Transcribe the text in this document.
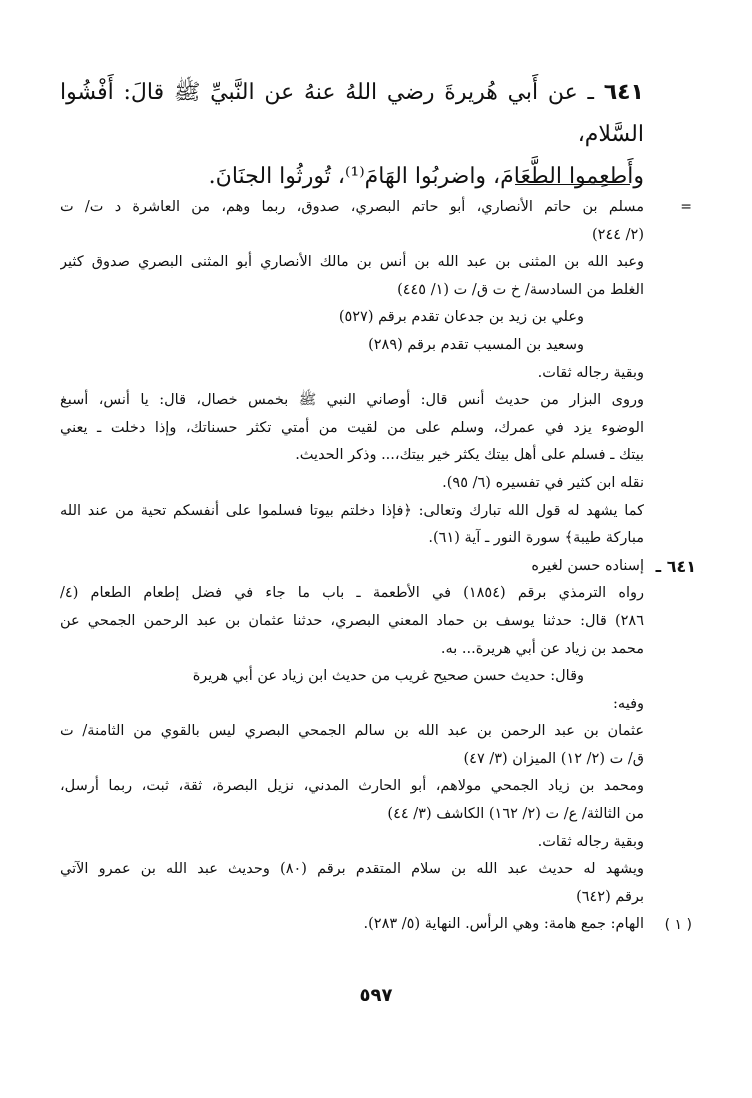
٦٤١ ـ عن أَبي هُريرةَ رضي اللهُ عنهُ عن النَّبيِّ ﷺ قالَ: أَفْشُوا السَّلام،
وأَطعِموا الطَّعَامَ، واضربُوا الهَامَ⁽¹⁾، تُورثُوا الجنَانَ.
=
٦٤١ ـ
( ١ )
مسلم بن حاتم الأنصاري، أبو حاتم البصري، صدوق، ربما وهم، من العاشرة د ت/ ت
(٢/ ٢٤٤)
وعبد الله بن المثنى بن عبد الله بن أنس بن مالك الأنصاري أبو المثنى البصري صدوق كثير
الغلط من السادسة/ خ ت ق/ ت (١/ ٤٤٥)
وعلي بن زيد بن جدعان تقدم برقم (٥٢٧)
وسعيد بن المسيب تقدم برقم (٢٨٩)
وبقية رجاله ثقات.
وروى البزار من حديث أنس قال: أوصاني النبي ﷺ بخمس خصال، قال: يا أنس، أسبغ
الوضوء يزد في عمرك، وسلم على من لقيت من أمتي تكثر حسناتك، وإذا دخلت ـ يعني
بيتك ـ فسلم على أهل بيتك يكثر خير بيتك،... وذكر الحديث.
نقله ابن كثير في تفسيره (٦/ ٩٥).
كما يشهد له قول الله تبارك وتعالى: ﴿فإذا دخلتم بيوتا فسلموا على أنفسكم تحية من عند الله
مباركة طيبة﴾ سورة النور ـ آية (٦١).
إسناده حسن لغيره
رواه الترمذي برقم (١٨٥٤) في الأطعمة ـ باب ما جاء في فضل إطعام الطعام (٤/
٢٨٦) قال: حدثنا يوسف بن حماد المعني البصري، حدثنا عثمان بن عبد الرحمن الجمحي عن
محمد بن زياد عن أبي هريرة... به.
وقال: حديث حسن صحيح غريب من حديث ابن زياد عن أبي هريرة
وفيه:
عثمان بن عبد الرحمن بن عبد الله بن سالم الجمحي البصري ليس بالقوي من الثامنة/ ت
ق/ ت (٢/ ١٢) الميزان (٣/ ٤٧)
ومحمد بن زياد الجمحي مولاهم، أبو الحارث المدني، نزيل البصرة، ثقة، ثبت، ربما أرسل،
من الثالثة/ ع/ ت (٢/ ١٦٢) الكاشف (٣/ ٤٤)
وبقية رجاله ثقات.
ويشهد له حديث عبد الله بن سلام المتقدم برقم (٨٠) وحديث عبد الله بن عمرو الآتي
برقم (٦٤٢)
الهام: جمع هامة: وهي الرأس. النهاية (٥/ ٢٨٣).
٥٩٧
